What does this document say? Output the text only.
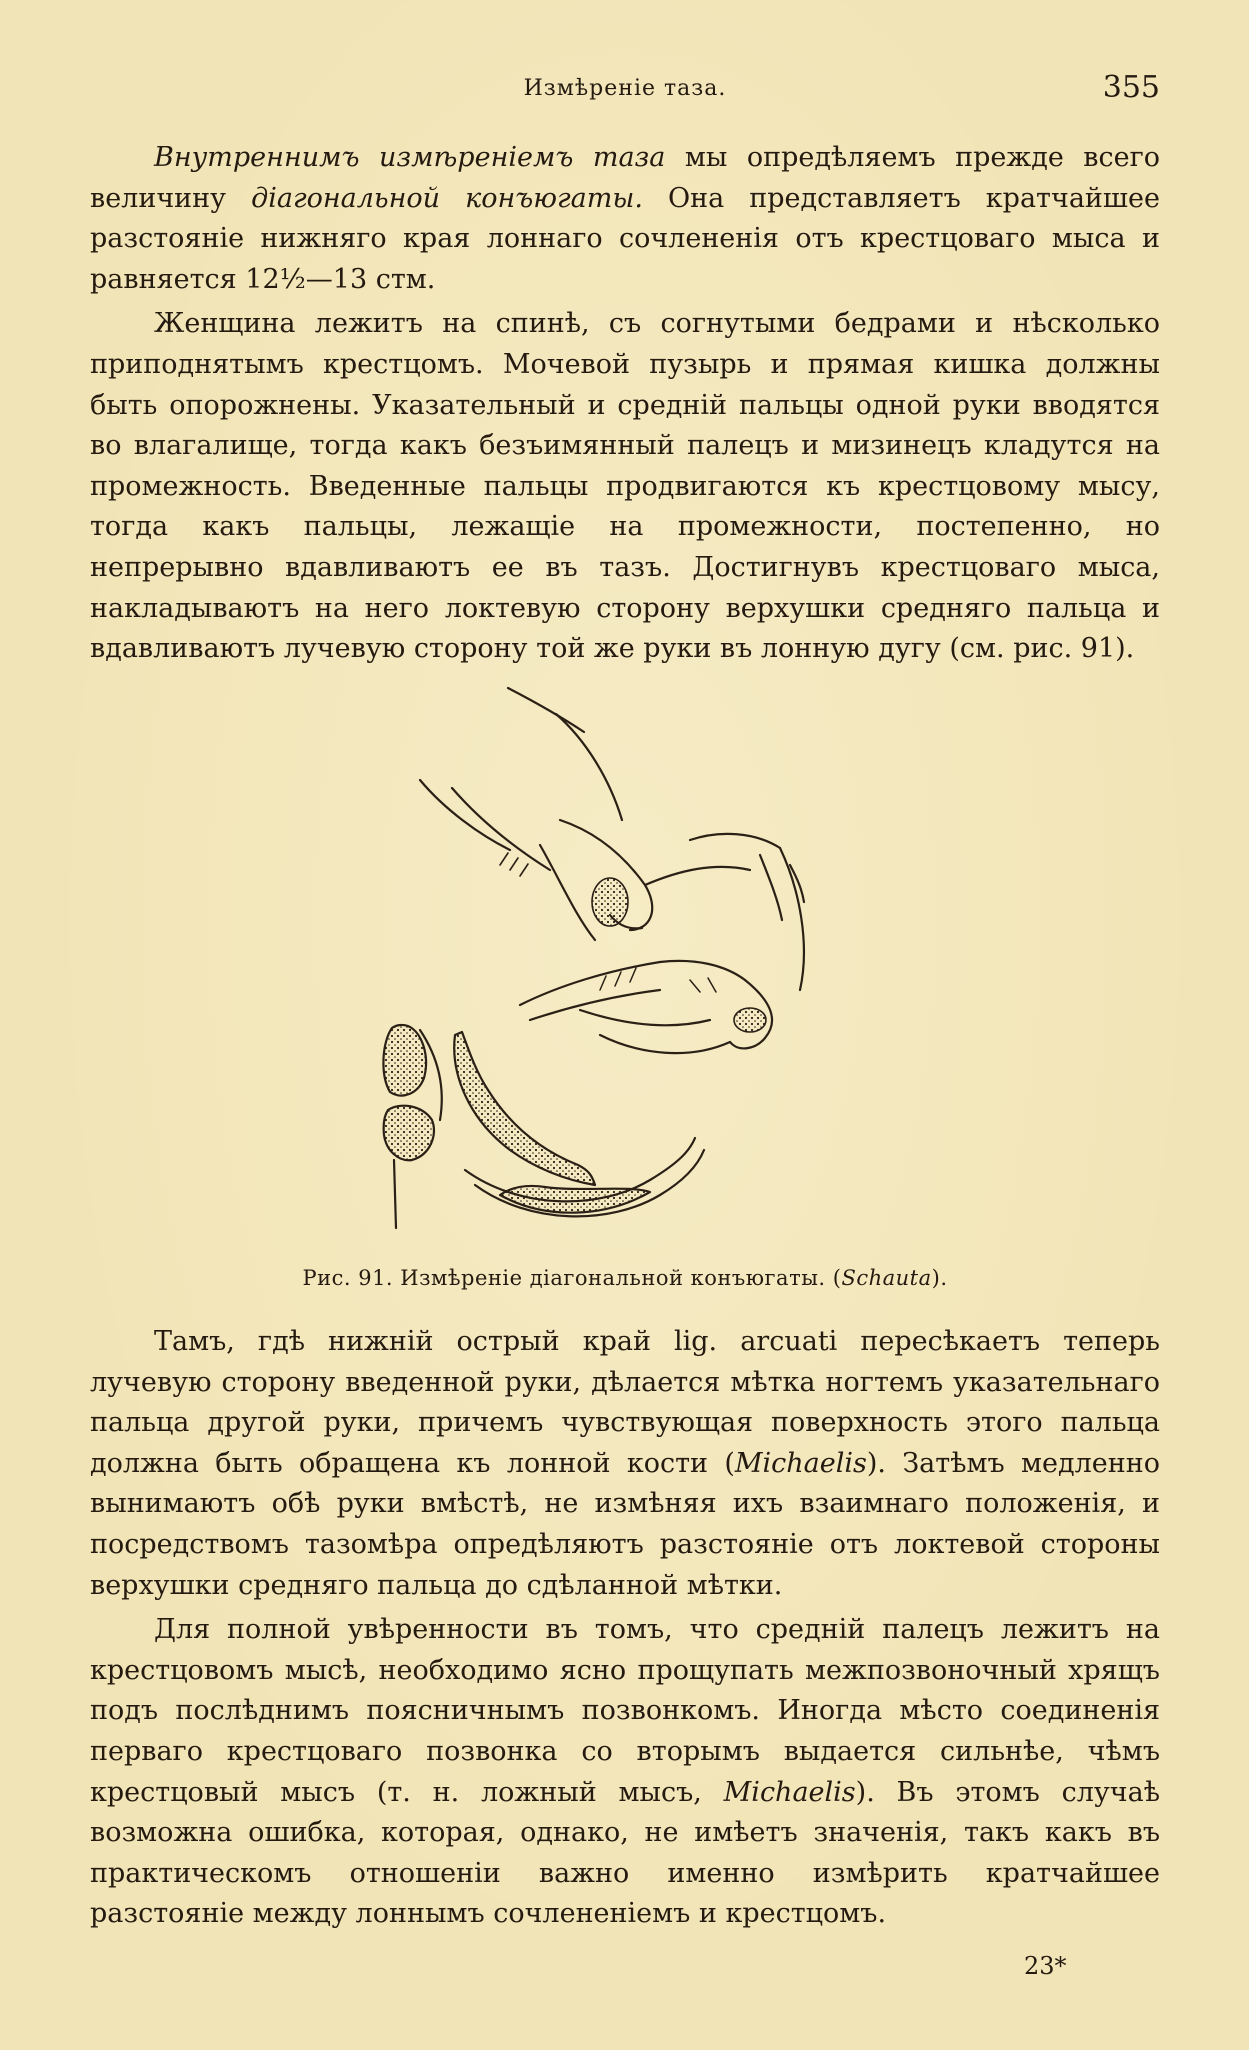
Измѣреніе таза.	355

Внутреннимъ измѣреніемъ таза мы опредѣляемъ прежде всего величину діагональной конъюгаты. Она представляетъ кратчайшее разстояніе нижняго края лоннаго сочлененія отъ крестцоваго мыса и равняется 12½—13 стм.

Женщина лежитъ на спинѣ, съ согнутыми бедрами и нѣсколько приподнятымъ крестцомъ. Мочевой пузырь и прямая кишка должны быть опорожнены. Указательный и средній пальцы одной руки вводятся во влагалище, тогда какъ безъимянный палецъ и мизинецъ кладутся на промежность. Введенные пальцы продвигаются къ крестцовому мысу, тогда какъ пальцы, лежащіе на промежности, постепенно, но непрерывно вдавливаютъ ее въ тазъ. Достигнувъ крестцоваго мыса, накладываютъ на него локтевую сторону верхушки средняго пальца и вдавливаютъ лучевую сторону той же руки въ лонную дугу (см. рис. 91).

Рис. 91. Измѣреніе діагональной конъюгаты. (Schauta).

Тамъ, гдѣ нижній острый край lig. arcuati пересѣкаетъ теперь лучевую сторону введенной руки, дѣлается мѣтка ногтемъ указательнаго пальца другой руки, причемъ чувствующая поверхность этого пальца должна быть обращена къ лонной кости (Michaelis). Затѣмъ медленно вынимаютъ обѣ руки вмѣстѣ, не измѣняя ихъ взаимнаго положенія, и посредствомъ тазомѣра опредѣляютъ разстояніе отъ локтевой стороны верхушки средняго пальца до сдѣланной мѣтки.

Для полной увѣренности въ томъ, что средній палецъ лежитъ на крестцовомъ мысѣ, необходимо ясно прощупать межпозвоночный хрящъ подъ послѣднимъ поясничнымъ позвонкомъ. Иногда мѣсто соединенія перваго крестцоваго позвонка со вторымъ выдается сильнѣе, чѣмъ крестцовый мысъ (т. н. ложный мысъ, Michaelis). Въ этомъ случаѣ возможна ошибка, которая, однако, не имѣетъ значенія, такъ какъ въ практическомъ отношеніи важно именно измѣрить кратчайшее разстояніе между лоннымъ сочлененіемъ и крестцомъ.

23*
